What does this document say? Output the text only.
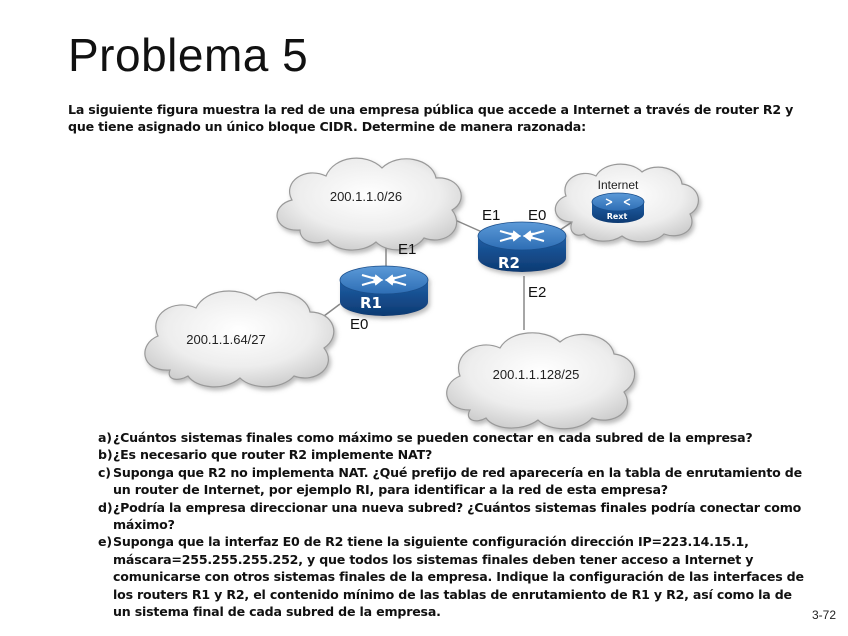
Problema 5
La siguiente figura muestra la red de una empresa pública que accede a Internet a través de router R2 y
que tiene asignado un único bloque CIDR. Determine de manera razonada:
200.1.1.0/26
200.1.1.64/27
200.1.1.128/25
Internet
Rext
R2
R1
E1
E0
E1 E0
E2
a) ¿Cuántos sistemas finales como máximo se pueden conectar en cada subred de la empresa?
b) ¿Es necesario que router R2 implemente NAT?
c) Suponga que R2 no implementa NAT. ¿Qué prefijo de red aparecería en la tabla de enrutamiento de
un router de Internet, por ejemplo RI, para identificar a la red de esta empresa?
d) ¿Podría la empresa direccionar una nueva subred? ¿Cuántos sistemas finales podría conectar como
máximo?
e) Suponga que la interfaz E0 de R2 tiene la siguiente configuración dirección IP=223.14.15.1,
máscara=255.255.255.252, y que todos los sistemas finales deben tener acceso a Internet y
comunicarse con otros sistemas finales de la empresa. Indique la configuración de las interfaces de
los routers R1 y R2, el contenido mínimo de las tablas de enrutamiento de R1 y R2, así como la de
un sistema final de cada subred de la empresa.	3-72
